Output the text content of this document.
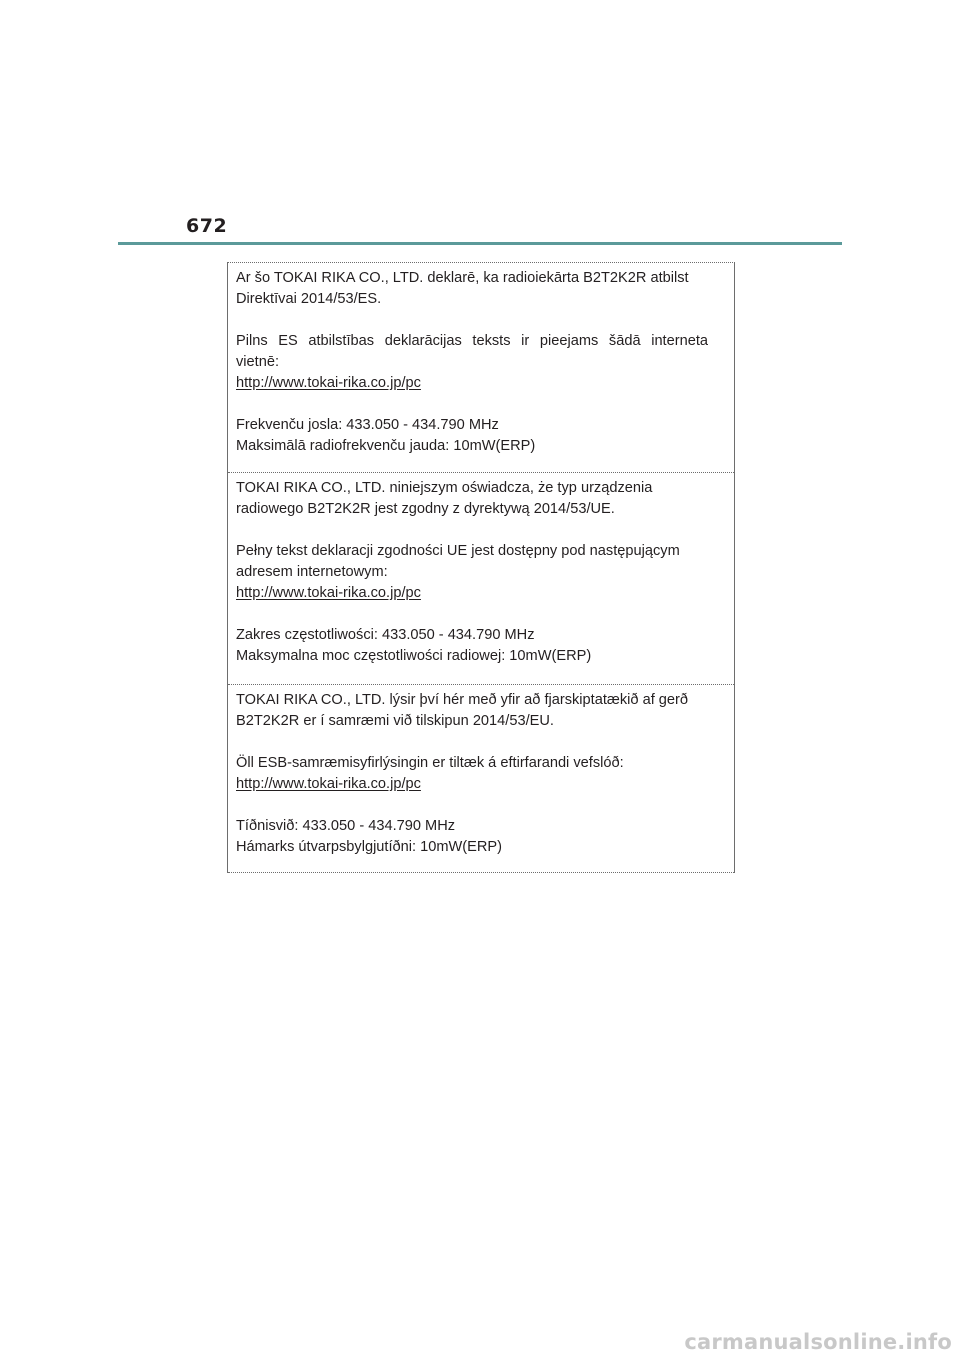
672
Ar šo TOKAI RIKA CO., LTD. deklarē, ka radioiekārta B2T2K2R atbilst
Direktīvai 2014/53/ES.
Pilns ES atbilstības deklarācijas teksts ir pieejams šādā interneta
vietnē:
http://www.tokai-rika.co.jp/pc
Frekvenču josla: 433.050 - 434.790 MHz
Maksimālā radiofrekvenču jauda: 10mW(ERP)
TOKAI RIKA CO., LTD. niniejszym oświadcza, że typ urządzenia
radiowego B2T2K2R jest zgodny z dyrektywą 2014/53/UE.
Pełny tekst deklaracji zgodności UE jest dostępny pod następującym
adresem internetowym:
http://www.tokai-rika.co.jp/pc
Zakres częstotliwości: 433.050 - 434.790 MHz
Maksymalna moc częstotliwości radiowej: 10mW(ERP)
TOKAI RIKA CO., LTD. lýsir því hér með yfir að fjarskiptatækið af gerð
B2T2K2R er í samræmi við tilskipun 2014/53/EU.
Öll ESB-samræmisyfirlýsingin er tiltæk á eftirfarandi vefslóð:
http://www.tokai-rika.co.jp/pc
Tíðnisvið: 433.050 - 434.790 MHz
Hámarks útvarpsbylgjutíðni: 10mW(ERP)
carmanualsonline.info
